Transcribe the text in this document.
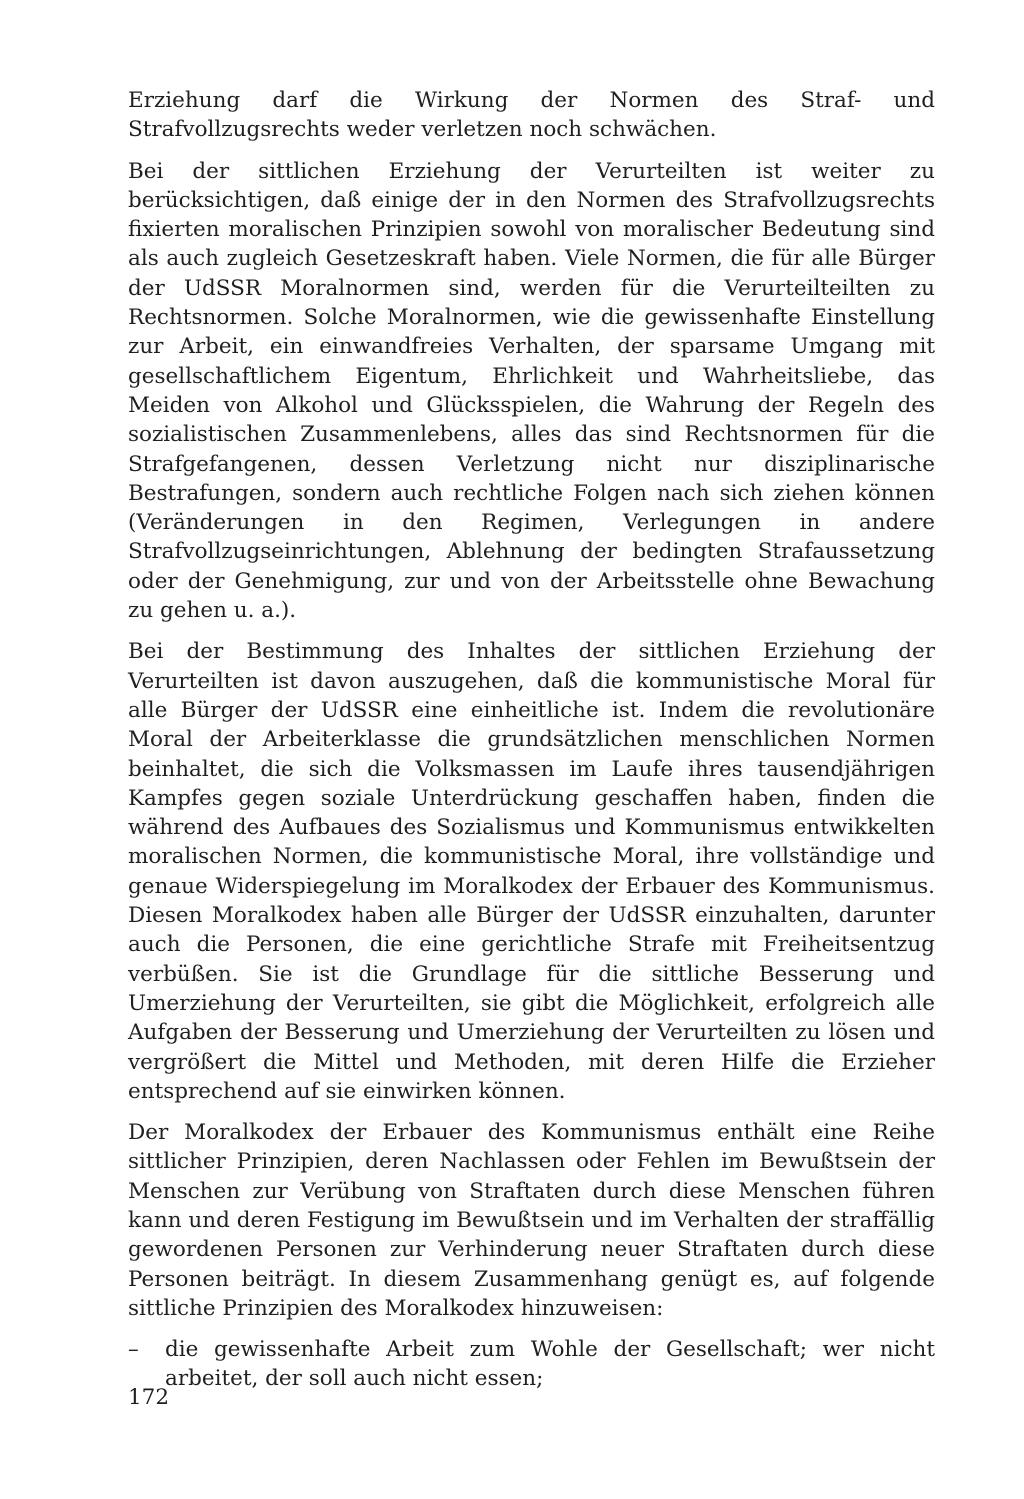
Erziehung darf die Wirkung der Normen des Straf- und Strafvollzugsrechts weder verletzen noch schwächen.

Bei der sittlichen Erziehung der Verurteilten ist weiter zu berücksichtigen, daß einige der in den Normen des Strafvollzugsrechts fixierten moralischen Prinzipien sowohl von moralischer Bedeutung sind als auch zugleich Gesetzeskraft haben. Viele Normen, die für alle Bürger der UdSSR Moralnormen sind, werden für die Verurteilteilten zu Rechtsnormen. Solche Moralnormen, wie die gewissenhafte Einstellung zur Arbeit, ein einwandfreies Verhalten, der sparsame Umgang mit gesellschaftlichem Eigentum, Ehrlichkeit und Wahrheitsliebe, das Meiden von Alkohol und Glücksspielen, die Wahrung der Regeln des sozialistischen Zusammenlebens, alles das sind Rechtsnormen für die Strafgefangenen, dessen Verletzung nicht nur disziplinarische Bestrafungen, sondern auch rechtliche Folgen nach sich ziehen können (Veränderungen in den Regimen, Verlegungen in andere Strafvollzugseinrichtungen, Ablehnung der bedingten Strafaussetzung oder der Genehmigung, zur und von der Arbeitsstelle ohne Bewachung zu gehen u. a.).

Bei der Bestimmung des Inhaltes der sittlichen Erziehung der Verurteilten ist davon auszugehen, daß die kommunistische Moral für alle Bürger der UdSSR eine einheitliche ist. Indem die revolutionäre Moral der Arbeiterklasse die grundsätzlichen menschlichen Normen beinhaltet, die sich die Volksmassen im Laufe ihres tausendjährigen Kampfes gegen soziale Unterdrückung geschaffen haben, finden die während des Aufbaues des Sozialismus und Kommunismus entwikkelten moralischen Normen, die kommunistische Moral, ihre vollständige und genaue Widerspiegelung im Moralkodex der Erbauer des Kommunismus. Diesen Moralkodex haben alle Bürger der UdSSR einzuhalten, darunter auch die Personen, die eine gerichtliche Strafe mit Freiheitsentzug verbüßen. Sie ist die Grundlage für die sittliche Besserung und Umerziehung der Verurteilten, sie gibt die Möglichkeit, erfolgreich alle Aufgaben der Besserung und Umerziehung der Verurteilten zu lösen und vergrößert die Mittel und Methoden, mit deren Hilfe die Erzieher entsprechend auf sie einwirken können.

Der Moralkodex der Erbauer des Kommunismus enthält eine Reihe sittlicher Prinzipien, deren Nachlassen oder Fehlen im Bewußtsein der Menschen zur Verübung von Straftaten durch diese Menschen führen kann und deren Festigung im Bewußtsein und im Verhalten der straffällig gewordenen Personen zur Verhinderung neuer Straftaten durch diese Personen beiträgt. In diesem Zusammenhang genügt es, auf folgende sittliche Prinzipien des Moralkodex hinzuweisen:

–	die gewissenhafte Arbeit zum Wohle der Gesellschaft; wer nicht arbeitet, der soll auch nicht essen;
172
